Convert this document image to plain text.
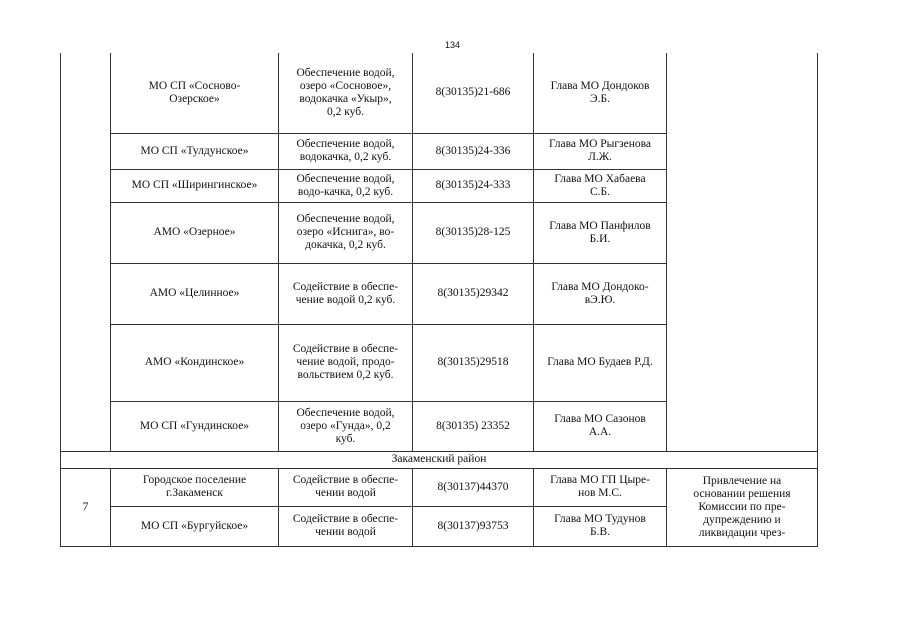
134
	МО СП «Сосново-
Озерское»	Обеспечение водой,
озеро «Сосновое»,
водокачка «Укыр»,
0,2 куб.	8(30135)21-686	Глава МО Дондоков
Э.Б.	
	МО СП «Тулдунское»	Обеспечение водой,
водокачка, 0,2 куб.	8(30135)24-336	Глава МО Рыгзенова
Л.Ж.	
	МО СП «Ширингинское»	Обеспечение водой,
водо-качка, 0,2 куб.	8(30135)24-333	Глава МО Хабаева
С.Б.	
	АМО «Озерное»	Обеспечение водой,
озеро «Иснига», во-
докачка, 0,2 куб.	8(30135)28-125	Глава МО Панфилов
Б.И.	
	АМО «Целинное»	Содействие в обеспе-
чение водой 0,2 куб.	8(30135)29342	Глава МО Дондоко-
вЭ.Ю.	
	АМО «Кондинское»	Содействие в обеспе-
чение водой, продо-
вольствием 0,2 куб.	8(30135)29518	Глава МО Будаев Р.Д.	
	МО СП «Гундинское»	Обеспечение водой,
озеро «Гунда», 0,2
куб.	8(30135) 23352	Глава МО Сазонов
А.А.	
Закаменский район					
7	Городское поселение
г.Закаменск	Содействие в обеспе-
чении водой	8(30137)44370	Глава МО ГП Цыре-
нов М.С.	Привлечение на
основании решения
Комиссии по пре-
дупреждению и
ликвидации чрез-
	МО СП «Бургуйское»	Содействие в обеспе-
чении водой	8(30137)93753	Глава МО Тудунов
Б.В.	
